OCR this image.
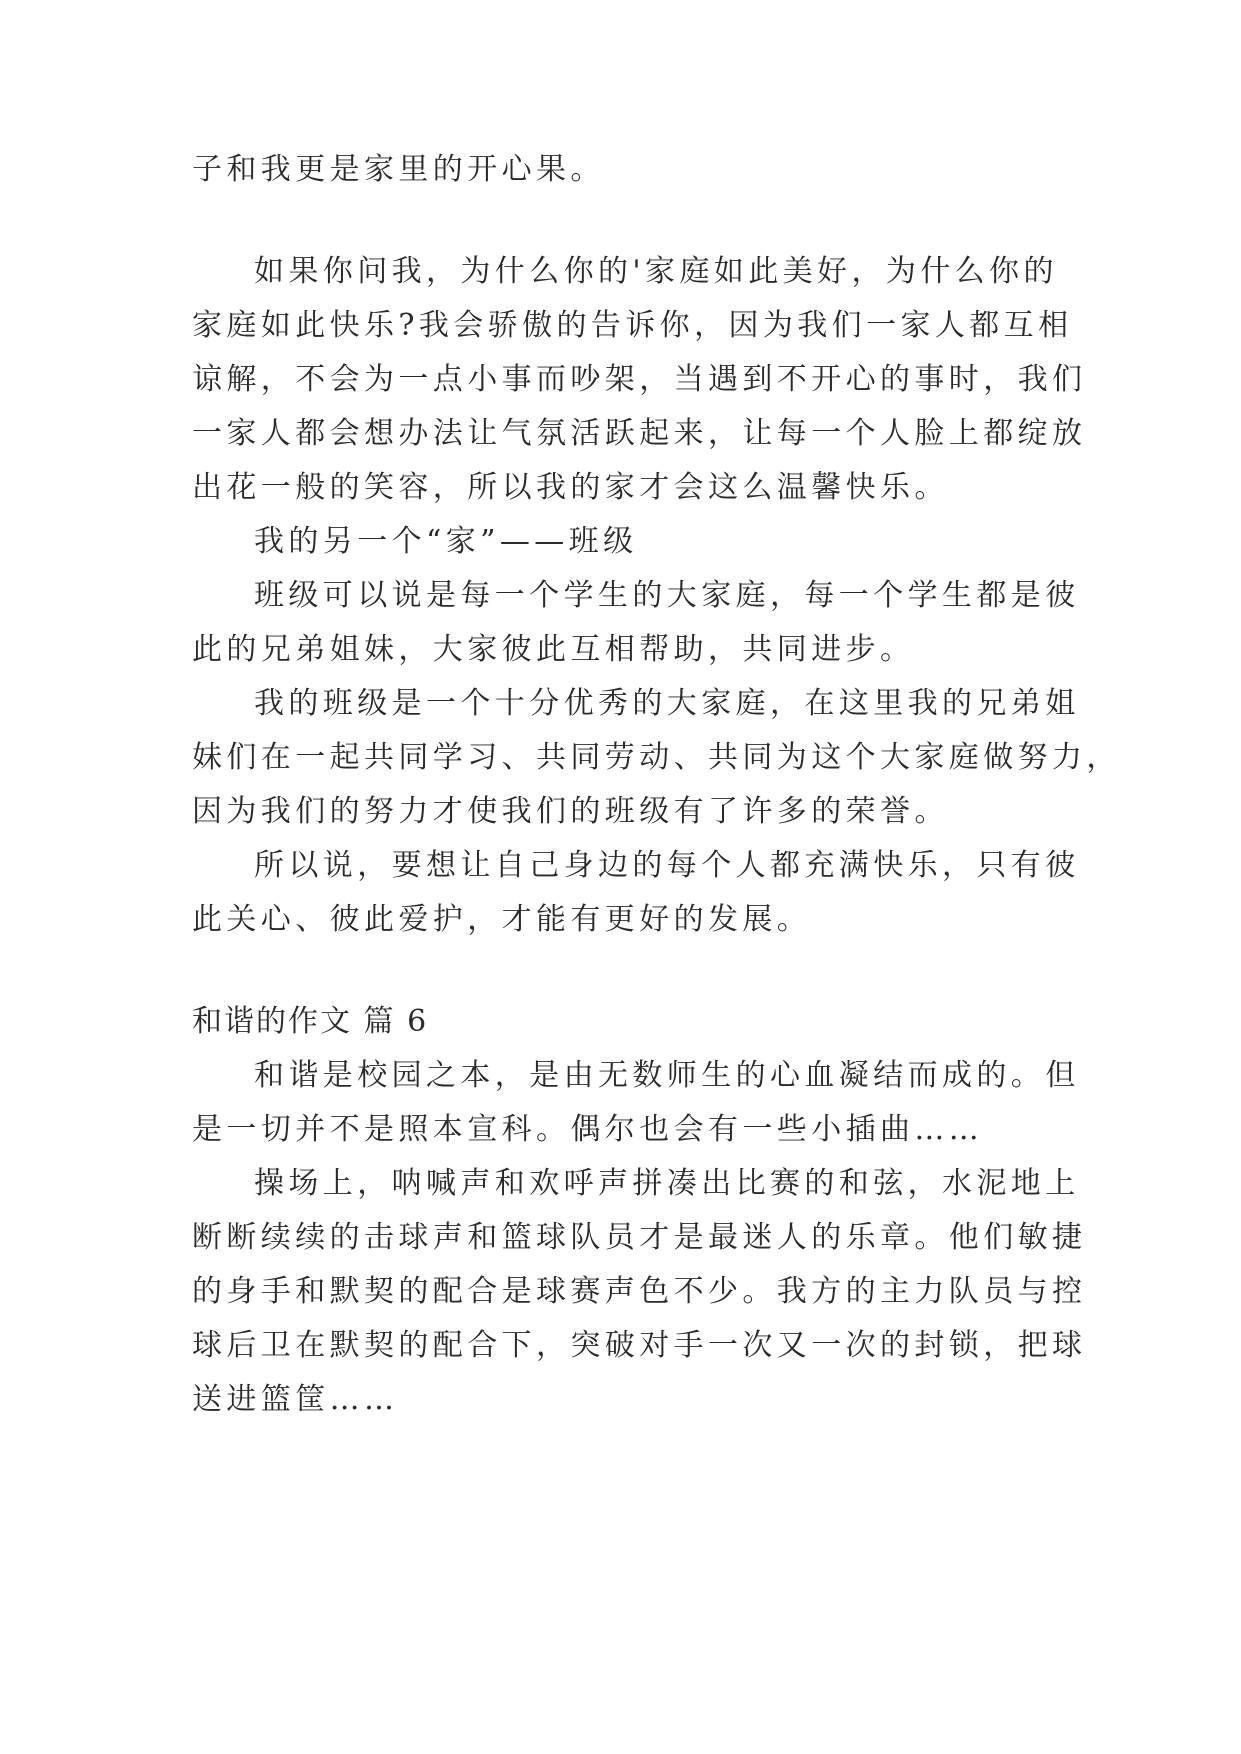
子和我更是家里的开心果。
如果你问我，为什么你的'家庭如此美好，为什么你的
家庭如此快乐?我会骄傲的告诉你，因为我们一家人都互相
谅解，不会为一点小事而吵架，当遇到不开心的事时，我们
一家人都会想办法让气氛活跃起来，让每一个人脸上都绽放
出花一般的笑容，所以我的家才会这么温馨快乐。
我的另一个“家”——班级
班级可以说是每一个学生的大家庭，每一个学生都是彼
此的兄弟姐妹，大家彼此互相帮助，共同进步。
我的班级是一个十分优秀的大家庭，在这里我的兄弟姐
妹们在一起共同学习、共同劳动、共同为这个大家庭做努力，
因为我们的努力才使我们的班级有了许多的荣誉。
所以说，要想让自己身边的每个人都充满快乐，只有彼
此关心、彼此爱护，才能有更好的发展。
和谐的作文 篇 6
和谐是校园之本，是由无数师生的心血凝结而成的。但
是一切并不是照本宣科。偶尔也会有一些小插曲……
操场上，呐喊声和欢呼声拼凑出比赛的和弦，水泥地上
断断续续的击球声和篮球队员才是最迷人的乐章。他们敏捷
的身手和默契的配合是球赛声色不少。我方的主力队员与控
球后卫在默契的配合下，突破对手一次又一次的封锁，把球
送进篮筐……
